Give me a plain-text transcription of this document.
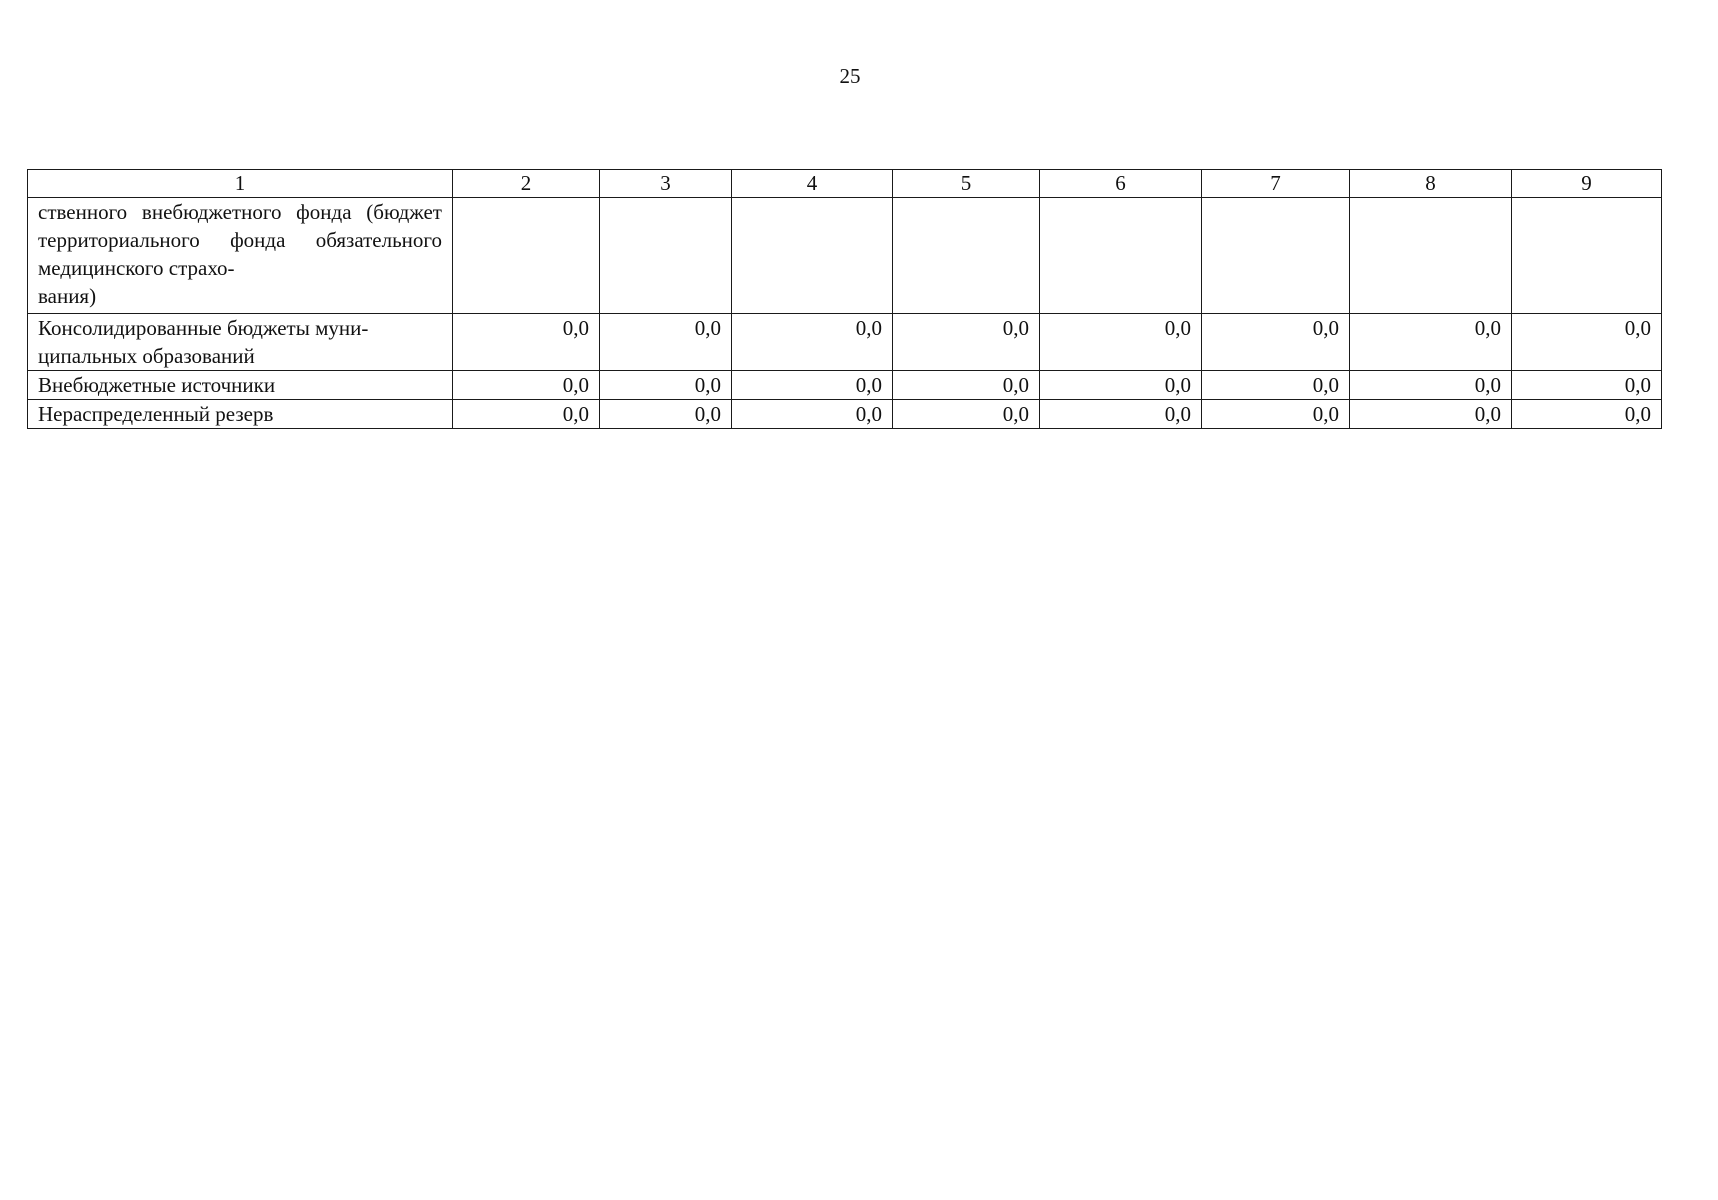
25
1	2	3	4	5	6	7	8	9
ственного внебюджетного фонда (бюджет территориального фонда обязательного медицинского страхо-
вания)								

Консолидированные бюджеты муни-
ципальных образований	0,0	0,0	0,0	0,0	0,0	0,0	0,0	0,0

Внебюджетные источники	0,0	0,0	0,0	0,0	0,0	0,0	0,0	0,0

Нераспределенный резерв	0,0	0,0	0,0	0,0	0,0	0,0	0,0	0,0
